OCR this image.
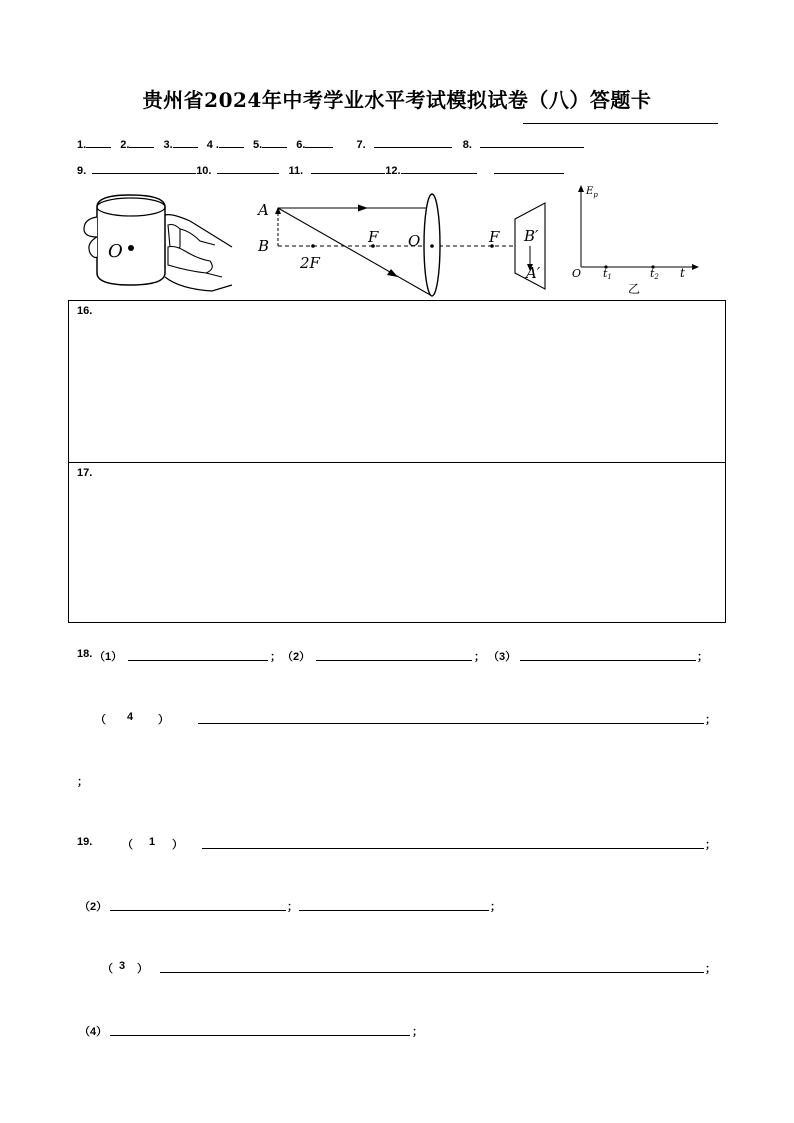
贵州省2024年中考学业水平考试模拟试卷（八）答题卡
1.	2.	3.	4 .	5.	6.	7.	8.
9.	10.	11.	12.
O
A
B
2F
F O	F B′
A′
$E_p$
O t1	t2 t
乙
16.
17.
18. （1）	； （2）	； （3）	；
（ 4 ）	；
；
19.	（ 1 ）	；
（2）	；	；
（ 3 ）	；
（4）	；
